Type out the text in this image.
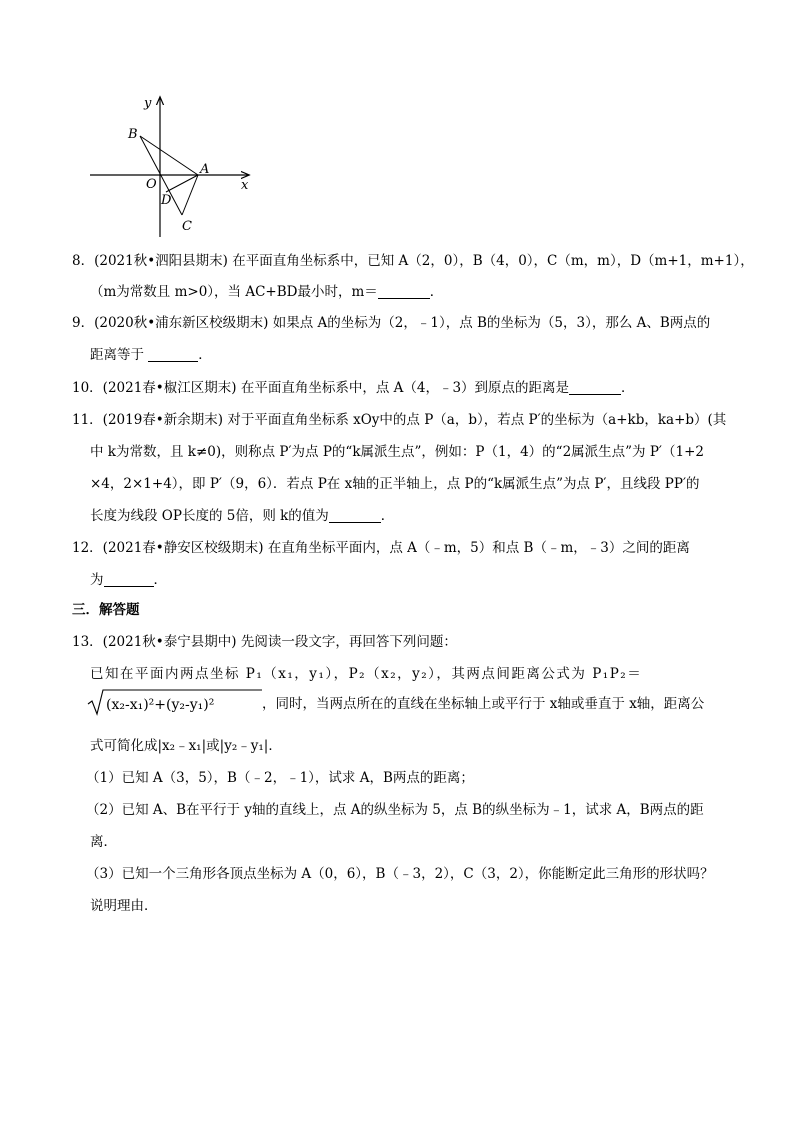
y
x
B
A
O
D
C
8．(2021秋•泗阳县期末) 在平面直角坐标系中，已知 A（2，0），B（4，0），C（m，m），D（m+1，m+1），
（m为常数且 m>0），当 AC+BD最小时，m＝	．
9．(2020秋•浦东新区校级期末) 如果点 A的坐标为（2，﹣1），点 B的坐标为（5，3），那么 A、B两点的
距离等于	．
10．(2021春•椒江区期末) 在平面直角坐标系中，点 A（4，﹣3）到原点的距离是	．
11．(2019春•新余期末) 对于平面直角坐标系 xOy中的点 P（a，b），若点 P′的坐标为（a+kb，ka+b）(其
中 k为常数，且 k≠0)，则称点 P′为点 P的“k属派生点”，例如：P（1，4）的“2属派生点”为 P′（1+2
×4，2×1+4），即 P′（9，6）．若点 P在 x轴的正半轴上，点 P的“k属派生点”为点 P′，且线段 PP′的
长度为线段 OP长度的 5倍，则 k的值为	．
12．(2021春•静安区校级期末) 在直角坐标平面内，点 A（﹣m，5）和点 B（﹣m，﹣3）之间的距离
为	．
三．解答题
13．(2021秋•泰宁县期中) 先阅读一段文字，再回答下列问题：
已知在平面内两点坐标 P₁（x₁，y₁），P₂（x₂，y₂），其两点间距离公式为 P₁P₂＝
(x₂-x₁)²+(y₂-y₁)²	，同时，当两点所在的直线在坐标轴上或平行于 x轴或垂直于 x轴，距离公
式可简化成|x₂﹣x₁|或|y₂﹣y₁|．
（1）已知 A（3，5），B（﹣2，﹣1），试求 A，B两点的距离；
（2）已知 A、B在平行于 y轴的直线上，点 A的纵坐标为 5，点 B的纵坐标为﹣1，试求 A，B两点的距
离．
（3）已知一个三角形各顶点坐标为 A（0，6），B（﹣3，2），C（3，2），你能断定此三角形的形状吗？
说明理由．
